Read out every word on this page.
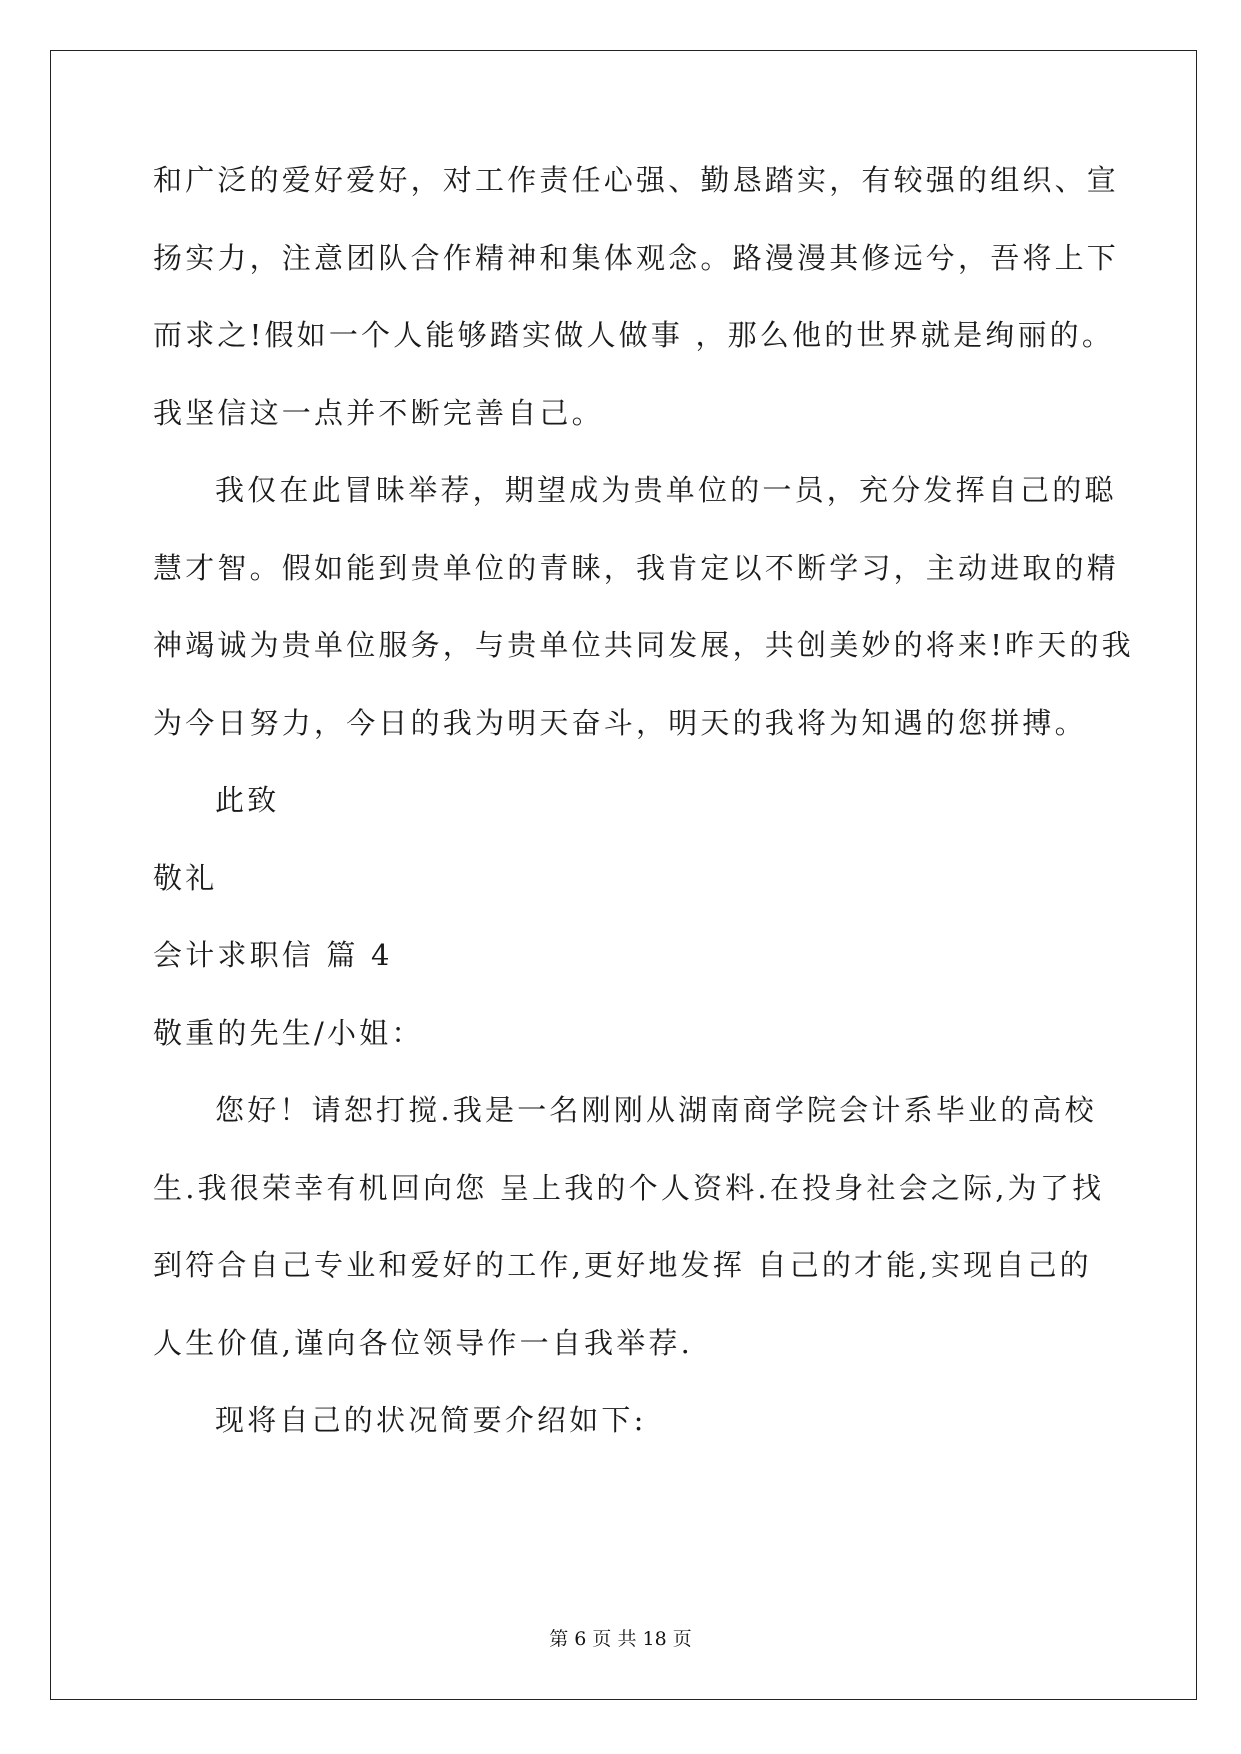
和广泛的爱好爱好，对工作责任心强、勤恳踏实，有较强的组织、宣
扬实力，注意团队合作精神和集体观念。路漫漫其修远兮，吾将上下
而求之!假如一个人能够踏实做人做事 ，那么他的世界就是绚丽的。
我坚信这一点并不断完善自己。
我仅在此冒昧举荐，期望成为贵单位的一员，充分发挥自己的聪
慧才智。假如能到贵单位的青睐，我肯定以不断学习，主动进取的精
神竭诚为贵单位服务，与贵单位共同发展，共创美妙的将来!昨天的我
为今日努力，今日的我为明天奋斗，明天的我将为知遇的您拼搏。
此致
敬礼
会计求职信 篇 4
敬重的先生/小姐：
您好！请恕打搅.我是一名刚刚从湖南商学院会计系毕业的高校
生.我很荣幸有机回向您 呈上我的个人资料.在投身社会之际,为了找
到符合自己专业和爱好的工作,更好地发挥 自己的才能,实现自己的
人生价值,谨向各位领导作一自我举荐.
现将自己的状况简要介绍如下:
第 6 页 共 18 页
